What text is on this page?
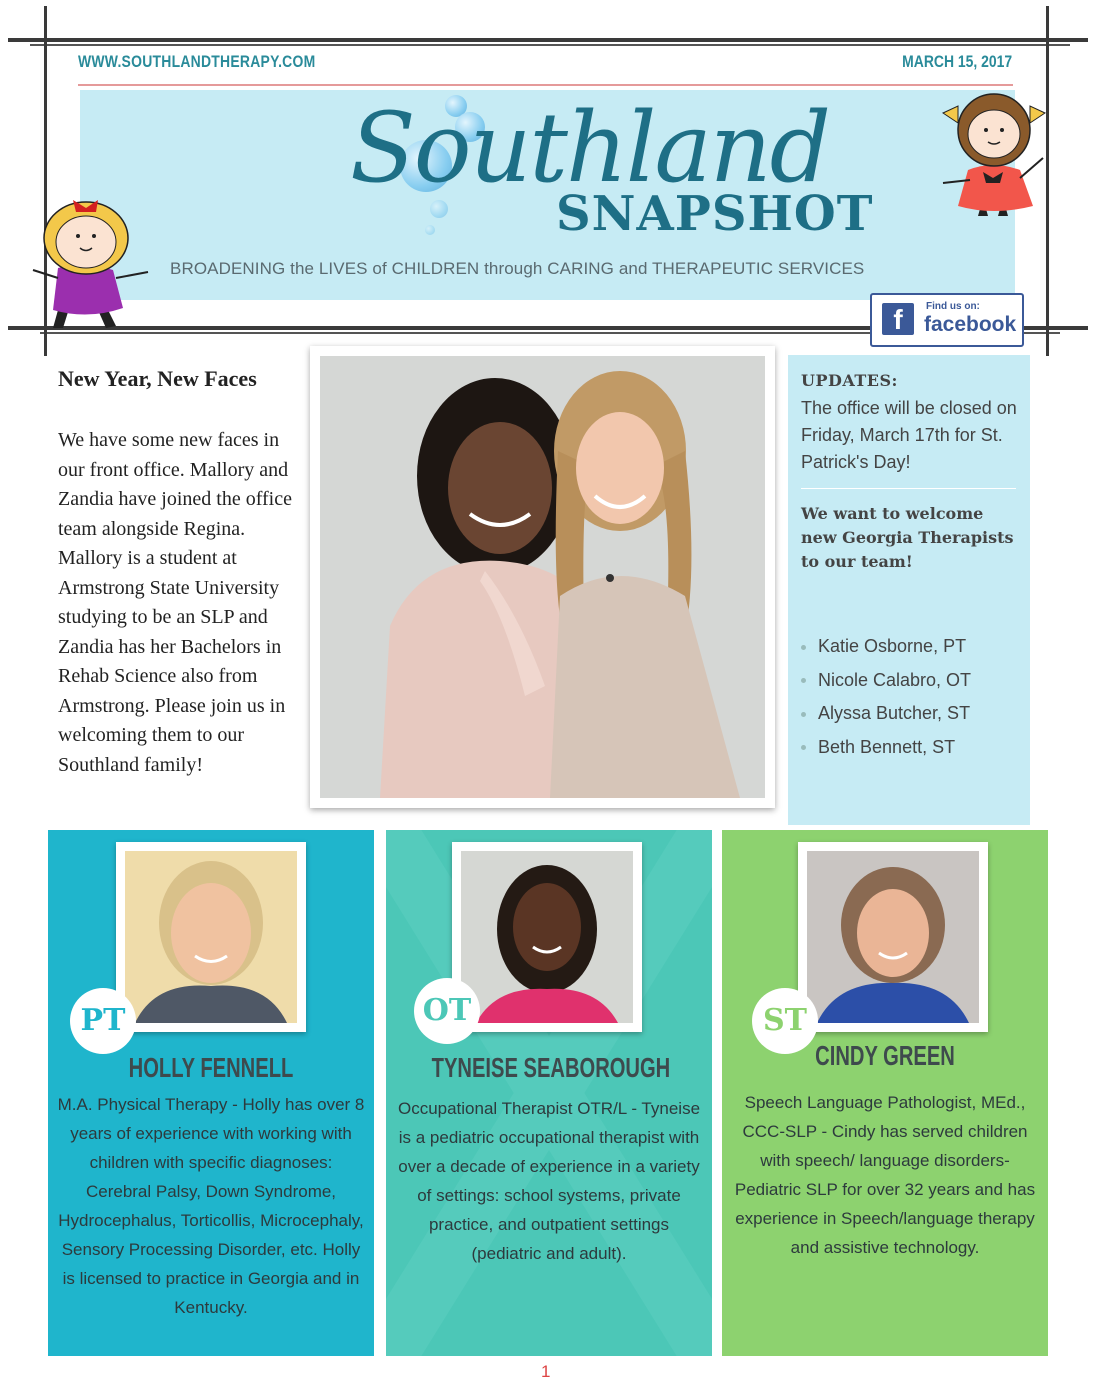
WWW.SOUTHLANDTHERAPY.COM	MARCH 15, 2017
Southland
SNAPSHOT
BROADENING the LIVES of CHILDREN through CARING and THERAPEUTIC SERVICES
f	Find us on:
facebook
New Year, New Faces
We have some new faces in our front office. Mallory and Zandia have joined the office team alongside Regina. Mallory is a student at Armstrong State University studying to be an SLP and Zandia has her Bachelors in Rehab Science also from Armstrong. Please join us in welcoming them to our Southland family!
UPDATES:
The office will be closed on Friday, March 17th for St. Patrick's Day!
We want to welcome new Georgia Therapists to our team!
Katie Osborne, PT
Nicole Calabro, OT
Alyssa Butcher, ST
Beth Bennett, ST
PT
HOLLY FENNELL
M.A. Physical Therapy - Holly has over 8 years of experience with working with children with specific diagnoses: Cerebral Palsy, Down Syndrome, Hydrocephalus, Torticollis, Microcephaly, Sensory Processing Disorder, etc. Holly is licensed to practice in Georgia and in Kentucky.
OT
TYNEISE SEABOROUGH
Occupational Therapist OTR/L - Tyneise is a pediatric occupational therapist with over a decade of experience in a variety of settings: school systems, private practice, and outpatient settings (pediatric and adult).
ST
CINDY GREEN
Speech Language Pathologist, MEd., CCC-SLP - Cindy has served children with speech/ language disorders- Pediatric SLP for over 32 years and has experience in Speech/language therapy and assistive technology.
1
